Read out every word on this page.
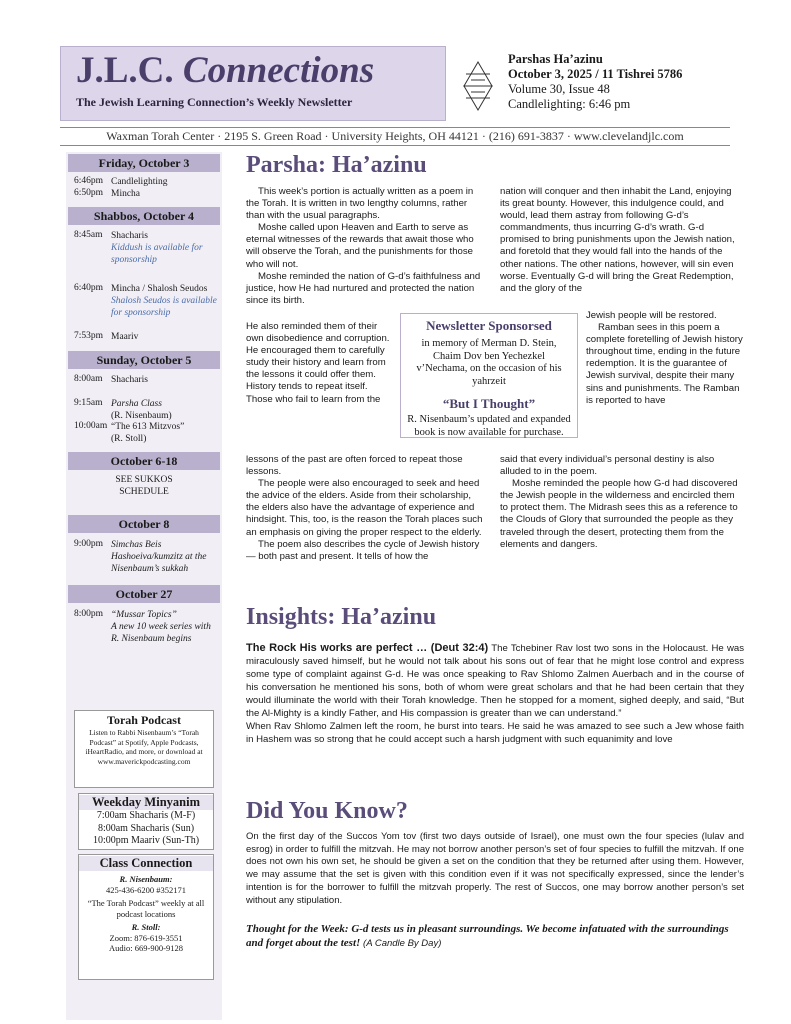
J.L.C. Connections
The Jewish Learning Connection’s Weekly Newsletter
Parshas Ha’azinu
October 3, 2025 / 11 Tishrei 5786
Volume 30, Issue 48
Candlelighting: 6:46 pm
Waxman Torah Center · 2195 S. Green Road · University Heights, OH 44121 · (216) 691-3837 · www.clevelandjlc.com
Friday, October 3
6:46pm Candlelighting
6:50pm Mincha
Shabbos, October 4
8:45am Shacharis
Kiddush is available for sponsorship
6:40pm Mincha / Shalosh Seudos
Shalosh Seudos is available for sponsorship
7:53pm Maariv
Sunday, October 5
8:00am Shacharis
9:15am Parsha Class
(R. Nisenbaum)
10:00am “The 613 Mitzvos”
(R. Stoll)
October 6-18
SEE SUKKOS
SCHEDULE
October 8
9:00pm Simchas Beis Hashoeiva/kumzitz at the Nisenbaum’s sukkah
October 27
8:00pm “Mussar Topics”
A new 10 week series with R. Nisenbaum begins
Torah Podcast
Listen to Rabbi Nisenbaum’s “Torah Podcast” at Spotify, Apple Podcasts, iHeartRadio, and more, or download at www.maverickpodcasting.com
Weekday Minyanim
7:00am Shacharis (M-F)
8:00am Shacharis (Sun)
10:00pm Maariv (Sun-Th)
Class Connection
R. Nisenbaum:
425-436-6200 #352171
“The Torah Podcast” weekly at all podcast locations
R. Stoll:
Zoom: 876-619-3551
Audio: 669-900-9128
Parsha: Ha’azinu

This week’s portion is actually written as a poem in the Torah. It is written in two lengthy columns, rather than with the usual paragraphs.

Moshe called upon Heaven and Earth to serve as eternal witnesses of the rewards that await those who will observe the Torah, and the punishments for those who will not.

Moshe reminded the nation of G-d’s faithfulness and justice, how He had nurtured and protected the nation since its birth.

He also reminded them of their own disobedience and corruption. He encouraged them to carefully study their history and learn from the lessons it could offer them. History tends to repeat itself. Those who fail to learn from the
lessons of the past are often forced to repeat those lessons.

The people were also encouraged to seek and heed the advice of the elders. Aside from their scholarship, the elders also have the advantage of experience and hindsight. This, too, is the reason the Torah places such an emphasis on giving the proper respect to the elderly.

The poem also describes the cycle of Jewish history— both past and present. It tells of how the

nation will conquer and then inhabit the Land, enjoying its great bounty. However, this indulgence could, and would, lead them astray from following G-d’s commandments, thus incurring G-d’s wrath. G-d promised to bring punishments upon the Jewish nation, and foretold that they would fall into the hands of the other nations. The other nations, however, will sin even worse. Eventually G-d will bring the Great Redemption, and the glory of the
Jewish people will be restored.

Ramban sees in this poem a complete foretelling of Jewish history throughout time, ending in the future redemption. It is the guarantee of Jewish survival, despite their many sins and punishments. The Ramban is reported to have

said that every individual’s personal destiny is also alluded to in the poem.

Moshe reminded the people how G-d had discovered the Jewish people in the wilderness and encircled them to protect them. The Midrash sees this as a reference to the Clouds of Glory that surrounded the people as they traveled through the desert, protecting them from the elements and dangers.

Newsletter Sponsorsed
in memory of Merman D. Stein, Chaim Dov ben Yechezkel v’Nechama, on the occasion of his yahrzeit
“But I Thought”
R. Nisenbaum’s updated and expanded book is now available for purchase.
Insights: Ha’azinu
The Rock His works are perfect … (Deut 32:4) The Tchebiner Rav lost two sons in the Holocaust. He was miraculously saved himself, but he would not talk about his sons out of fear that he might lose control and express some type of complaint against G-d. He was once speaking to Rav Shlomo Zalmen Auerbach and in the course of his conversation he mentioned his sons, both of whom were great scholars and that he had been certain that they would illuminate the world with their Torah knowledge. Then he stopped for a moment, sighed deeply, and said, “But the Al-Mighty is a kindly Father, and His compassion is greater than we can understand.”
When Rav Shlomo Zalmen left the room, he burst into tears. He said he was amazed to see such a Jew whose faith in Hashem was so strong that he could accept such a harsh judgment with such equanimity and love
Did You Know?
On the first day of the Succos Yom tov (first two days outside of Israel), one must own the four species (lulav and esrog) in order to fulfill the mitzvah. He may not borrow another person’s set of four species to fulfill the mitzvah. If one does not own his own set, he should be given a set on the condition that they be returned after using them. However, we may assume that the set is given with this condition even if it was not specifically expressed, since the lender’s intention is for the borrower to fulfill the mitzvah properly. The rest of Succos, one may borrow another person’s set without any stipulation.
Thought for the Week: G-d tests us in pleasant surroundings. We become infatuated with the surroundings and forget about the test! (A Candle By Day)
